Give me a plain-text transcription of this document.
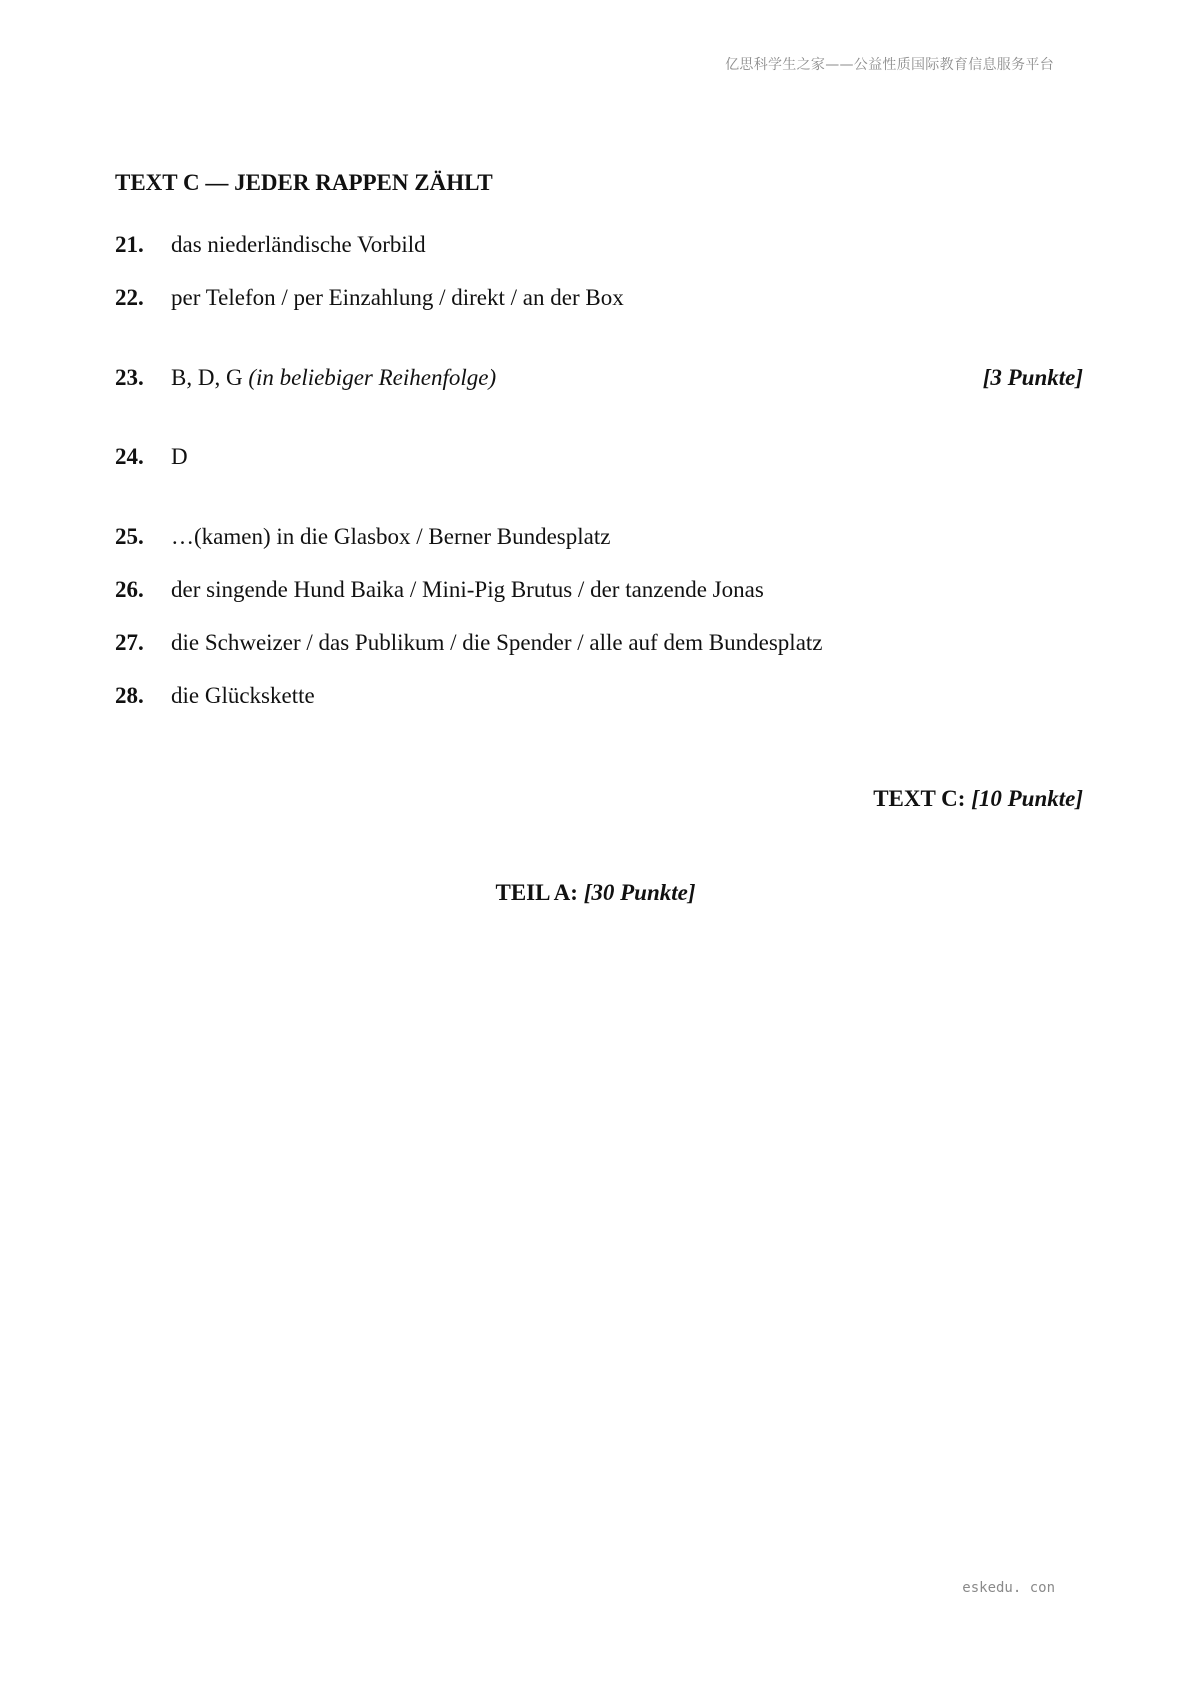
亿思科学生之家——公益性质国际教育信息服务平台
TEXT C — JEDER RAPPEN ZÄHLT
21. das niederländische Vorbild
22. per Telefon / per Einzahlung / direkt / an der Box
23. B, D, G (in beliebiger Reihenfolge)	[3 Punkte]
24. D
25. …(kamen) in die Glasbox / Berner Bundesplatz
26. der singende Hund Baika / Mini-Pig Brutus / der tanzende Jonas
27. die Schweizer / das Publikum / die Spender / alle auf dem Bundesplatz
28. die Glückskette
TEXT C: [10 Punkte]
TEIL A: [30 Punkte]
eskedu. con
